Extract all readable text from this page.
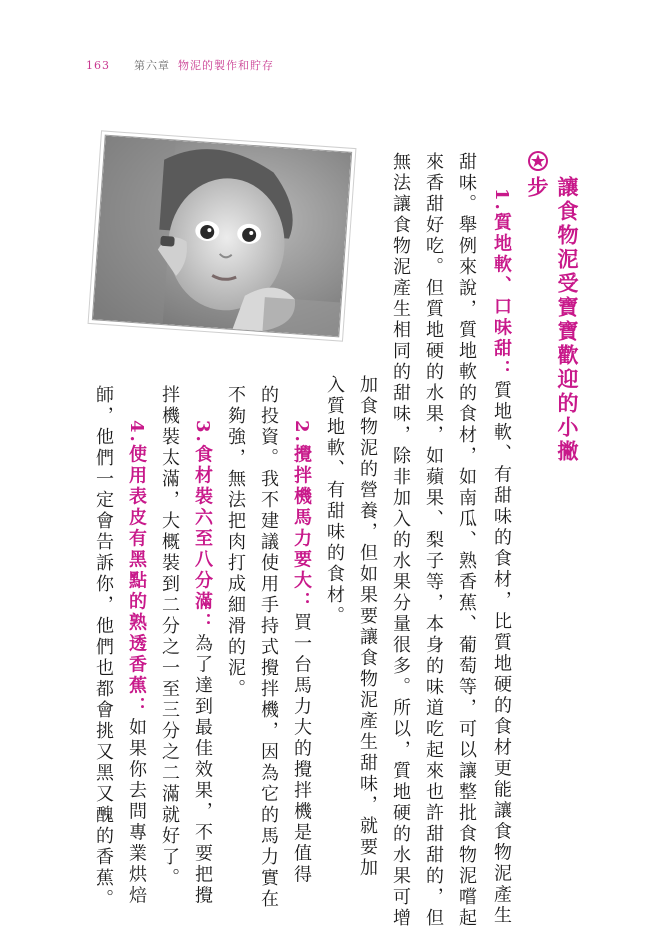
163 第六章 物泥的製作和貯存
讓食物泥受寶寶歡迎的小撇步
1.質地軟、口味甜：質地軟、有甜味的食材，比質地硬的食材更能讓食物泥產生
甜味。舉例來說，質地軟的食材，如南瓜、熟香蕉、葡萄等，可以讓整批食物泥嚐起
來香甜好吃。但質地硬的水果，如蘋果、梨子等，本身的味道吃起來也許甜甜的，但
無法讓食物泥產生相同的甜味，除非加入的水果分量很多。所以，質地硬的水果可增
加食物泥的營養，但如果要讓食物泥產生甜味，就要加
入質地軟、有甜味的食材。
2.攪拌機馬力要大：買一台馬力大的攪拌機是值得
的投資。我不建議使用手持式攪拌機，因為它的馬力實在
不夠強，無法把肉打成細滑的泥。
3.食材裝六至八分滿：為了達到最佳效果，不要把攪
拌機裝太滿，大概裝到二分之一至三分之二滿就好了。
4.使用表皮有黑點的熟透香蕉：如果你去問專業烘焙
師，他們一定會告訴你，他們也都會挑又黑又醜的香蕉。
